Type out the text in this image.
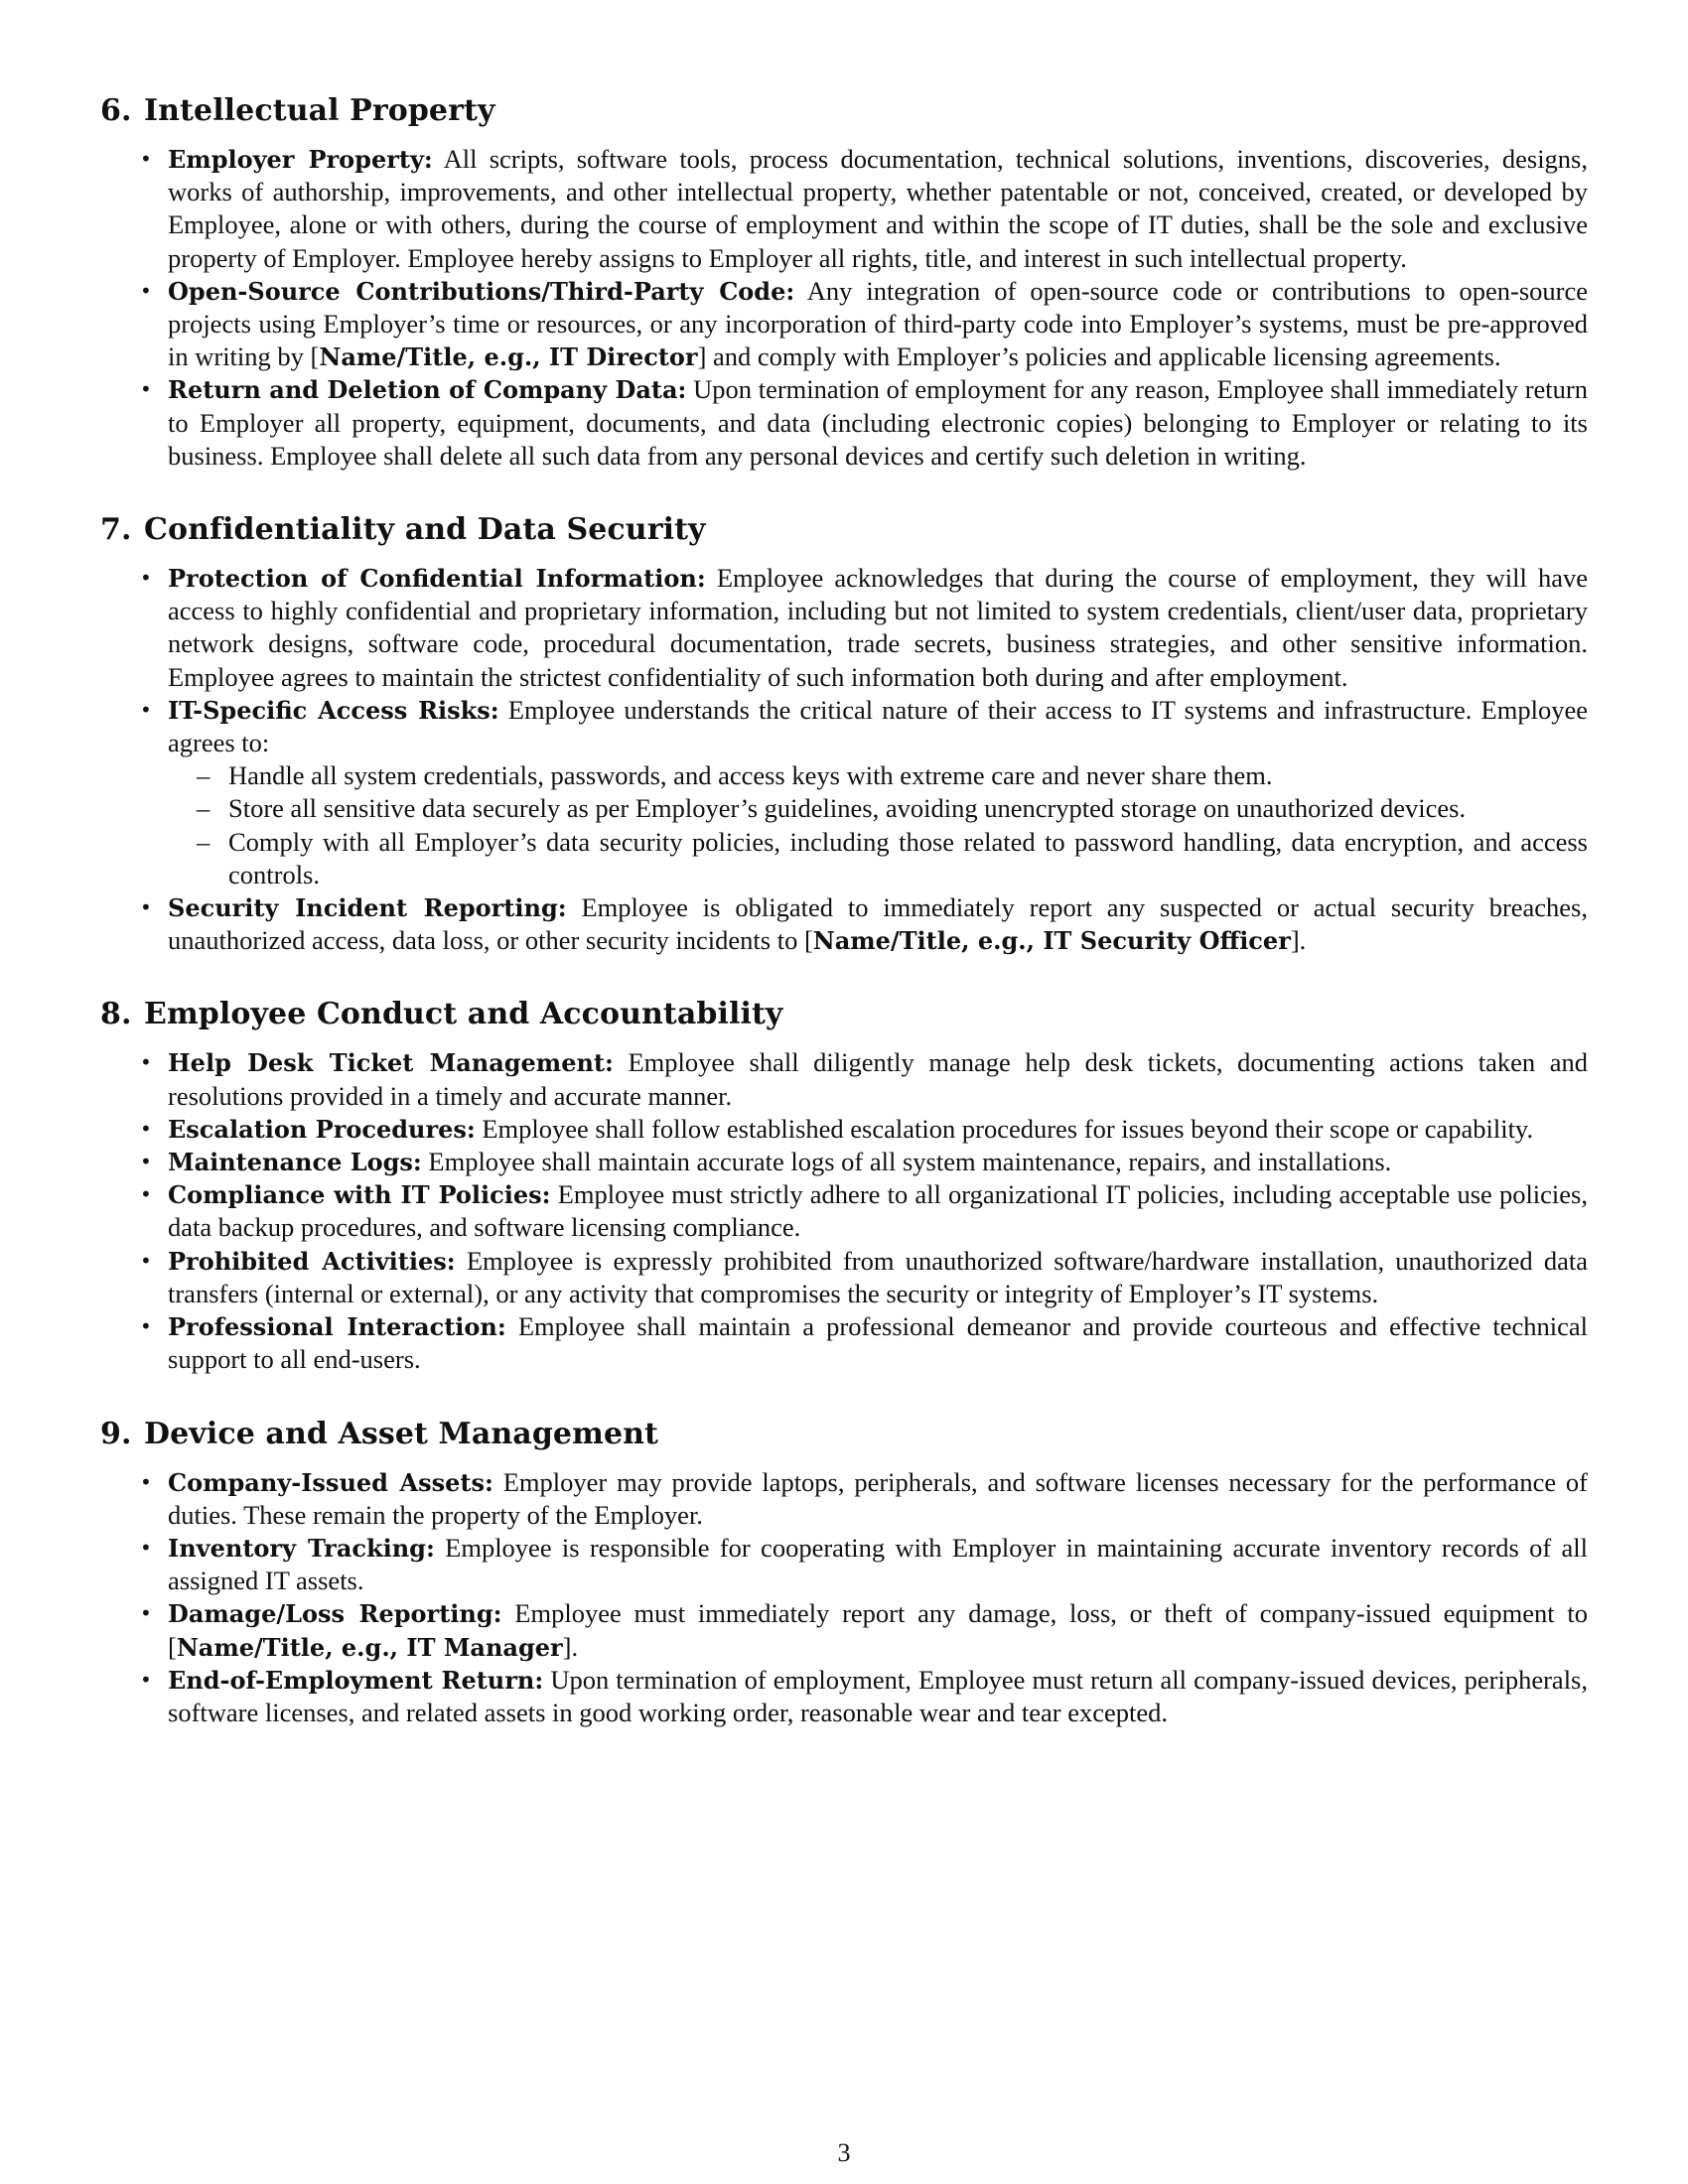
6. Intellectual Property
• Employer Property: All scripts, software tools, process documentation, technical solutions, inventions, discoveries, designs, works of authorship, improvements, and other intellectual property, whether patentable or not, conceived, created, or developed by Employee, alone or with others, during the course of employment and within the scope of IT duties, shall be the sole and exclusive property of Employer. Employee hereby assigns to Employer all rights, title, and interest in such intellectual property.
• Open-Source Contributions/Third-Party Code: Any integration of open-source code or contributions to open-source projects using Employer’s time or resources, or any incorporation of third-party code into Employer’s systems, must be pre-approved in writing by [Name/Title, e.g., IT Director] and comply with Employer’s policies and applicable licensing agreements.
• Return and Deletion of Company Data: Upon termination of employment for any reason, Employee shall immediately return to Employer all property, equipment, documents, and data (including electronic copies) belonging to Employer or relating to its business. Employee shall delete all such data from any personal devices and certify such deletion in writing.
7. Confidentiality and Data Security
• Protection of Confidential Information: Employee acknowledges that during the course of employment, they will have access to highly confidential and proprietary information, including but not limited to system credentials, client/user data, proprietary network designs, software code, procedural documentation, trade secrets, business strategies, and other sensitive information. Employee agrees to maintain the strictest confidentiality of such information both during and after employment.
• IT-Specific Access Risks: Employee understands the critical nature of their access to IT systems and infrastructure. Employee agrees to:
– Handle all system credentials, passwords, and access keys with extreme care and never share them.
– Store all sensitive data securely as per Employer’s guidelines, avoiding unencrypted storage on unauthorized devices.
– Comply with all Employer’s data security policies, including those related to password handling, data encryption, and access controls.
• Security Incident Reporting: Employee is obligated to immediately report any suspected or actual security breaches, unauthorized access, data loss, or other security incidents to [Name/Title, e.g., IT Security Officer].
8. Employee Conduct and Accountability
• Help Desk Ticket Management: Employee shall diligently manage help desk tickets, documenting actions taken and resolutions provided in a timely and accurate manner.
• Escalation Procedures: Employee shall follow established escalation procedures for issues beyond their scope or capability.
• Maintenance Logs: Employee shall maintain accurate logs of all system maintenance, repairs, and installations.
• Compliance with IT Policies: Employee must strictly adhere to all organizational IT policies, including acceptable use policies, data backup procedures, and software licensing compliance.
• Prohibited Activities: Employee is expressly prohibited from unauthorized software/hardware installation, unauthorized data transfers (internal or external), or any activity that compromises the security or integrity of Employer’s IT systems.
• Professional Interaction: Employee shall maintain a professional demeanor and provide courteous and effective technical support to all end-users.
9. Device and Asset Management
• Company-Issued Assets: Employer may provide laptops, peripherals, and software licenses necessary for the performance of duties. These remain the property of the Employer.
• Inventory Tracking: Employee is responsible for cooperating with Employer in maintaining accurate inventory records of all assigned IT assets.
• Damage/Loss Reporting: Employee must immediately report any damage, loss, or theft of company-issued equipment to [Name/Title, e.g., IT Manager].
• End-of-Employment Return: Upon termination of employment, Employee must return all company-issued devices, peripherals, software licenses, and related assets in good working order, reasonable wear and tear excepted.
3
